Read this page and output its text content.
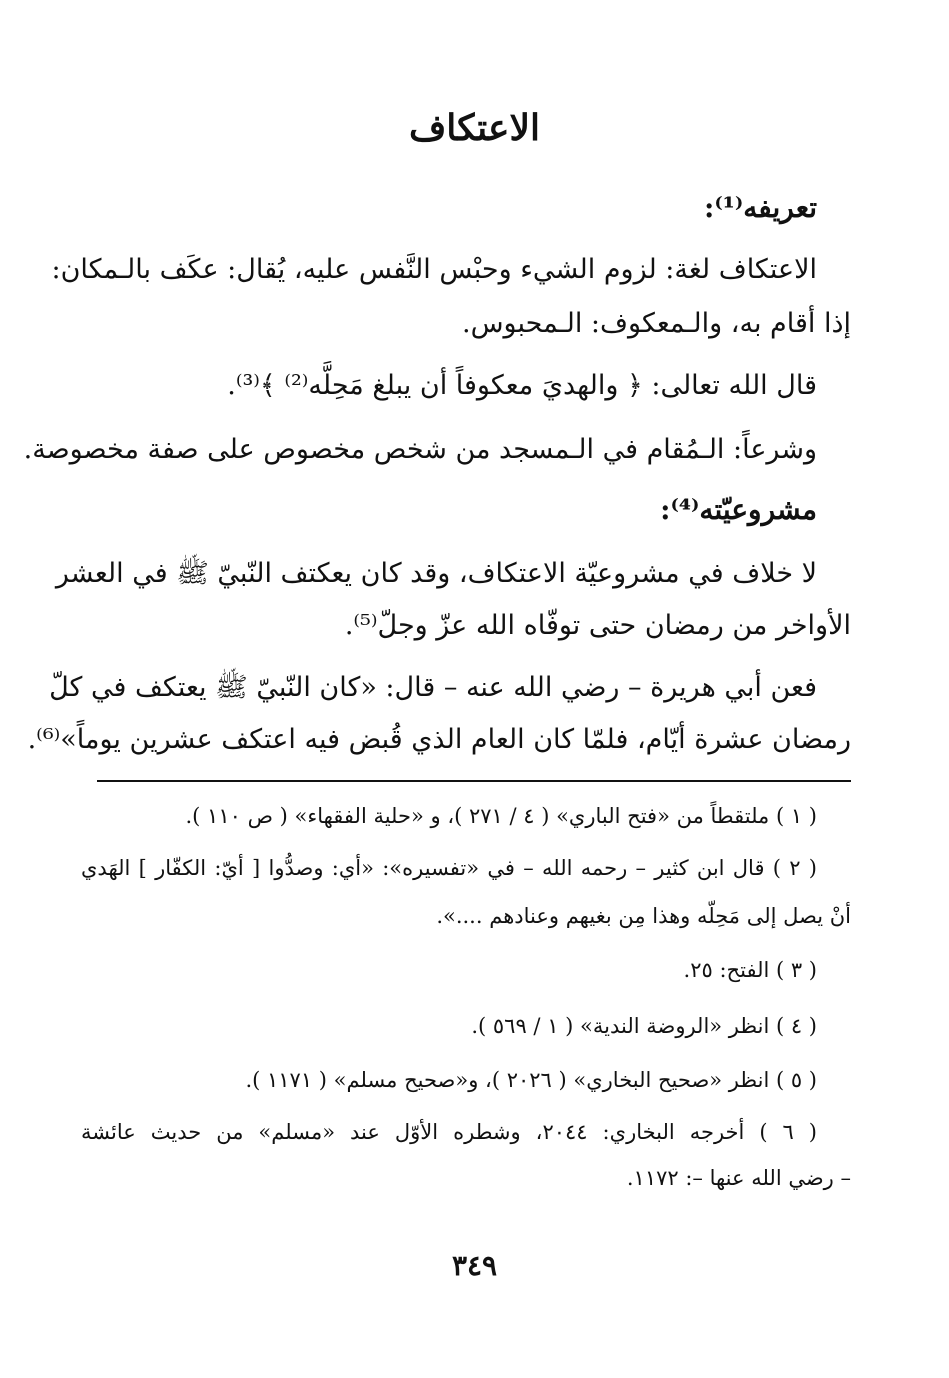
الاعتكاف
تعريفه⁽¹⁾:
الاعتكاف لغة: لزوم الشيء وحبْس النَّفس عليه، يُقال: عكَف بالـمكان:
إذا أقام به، والـمعكوف: الـمحبوس.
قال الله تعالى: ﴿ والهديَ معكوفاً أن يبلغ مَحِلَّه⁽²⁾ ﴾⁽³⁾.
وشرعاً: الـمُقام في الـمسجد من شخص مخصوص على صفة مخصوصة.
مشروعيّته⁽⁴⁾:
لا خلاف في مشروعيّة الاعتكاف، وقد كان يعكتف النّبيّ ﷺ في العشر
الأواخر من رمضان حتى توفّاه الله عزّ وجلّ⁽⁵⁾.
فعن أبي هريرة – رضي الله عنه – قال: «كان النّبيّ ﷺ يعتكف في كلّ
رمضان عشرة أيّام، فلمّا كان العام الذي قُبض فيه اعتكف عشرين يوماً»⁽⁶⁾.
( ١ ) ملتقطاً من «فتح الباري» ( ٤ / ٢٧١ )، و «حلية الفقهاء» ( ص ١١٠ ).
( ٢ ) قال ابن كثير – رحمه الله – في «تفسيره»: «أي: وصدُّوا [ أيّ: الكفّار ] الهَدي
أنْ يصل إلى مَحِلّه وهذا مِن بغيهم وعنادهم ....».
( ٣ ) الفتح: ٢٥.
( ٤ ) انظر «الروضة الندية» ( ١ / ٥٦٩ ).
( ٥ ) انظر «صحيح البخاري» ( ٢٠٢٦ )، و«صحيح مسلم» ( ١١٧١ ).
( ٦ ) أخرجه البخاري: ٢٠٤٤، وشطره الأوّل عند «مسلم» من حديث عائشة
– رضي الله عنها –: ١١٧٢.
٣٤٩
